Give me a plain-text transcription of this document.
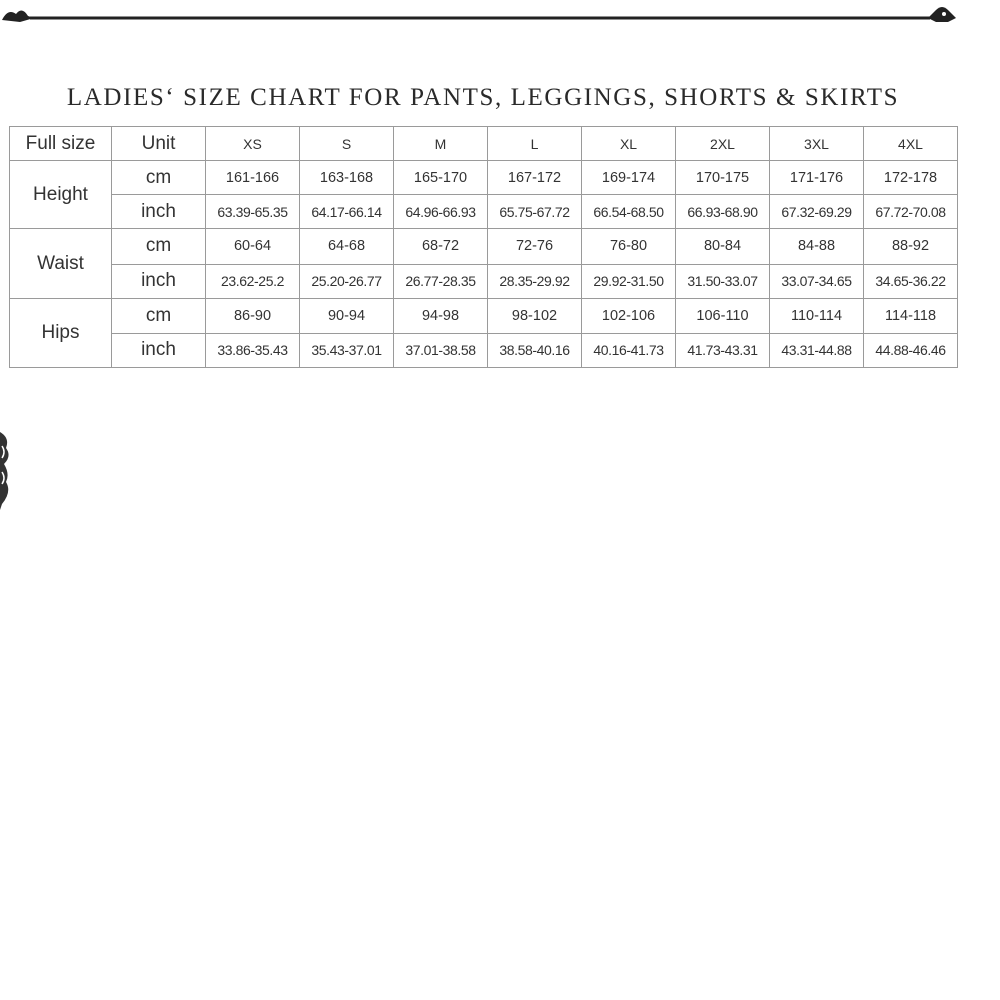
LADIES‘ SIZE CHART FOR PANTS, LEGGINGS, SHORTS & SKIRTS
Full size	Unit	XS	S	M	L	XL	2XL	3XL	4XL
Height	cm	161-166	163-168	165-170	167-172	169-174	170-175	171-176	172-178
	inch	63.39-65.35	64.17-66.14	64.96-66.93	65.75-67.72	66.54-68.50	66.93-68.90	67.32-69.29	67.72-70.08
Waist	cm	60-64	64-68	68-72	72-76	76-80	80-84	84-88	88-92
	inch	23.62-25.2	25.20-26.77	26.77-28.35	28.35-29.92	29.92-31.50	31.50-33.07	33.07-34.65	34.65-36.22
Hips	cm	86-90	90-94	94-98	98-102	102-106	106-110	110-114	114-118
	inch	33.86-35.43	35.43-37.01	37.01-38.58	38.58-40.16	40.16-41.73	41.73-43.31	43.31-44.88	44.88-46.46
